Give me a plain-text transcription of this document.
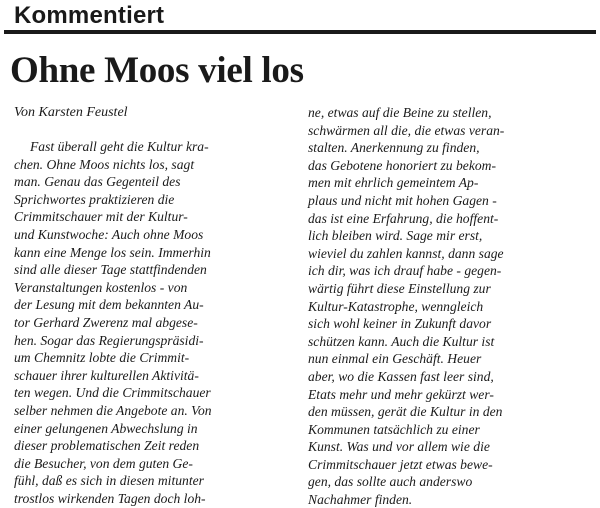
Kommentiert
Ohne Moos viel los
Von Karsten Feustel
Fast überall geht die Kultur kra-
chen. Ohne Moos nichts los, sagt
man. Genau das Gegenteil des
Sprichwortes praktizieren die
Crimmitschauer mit der Kultur-
und Kunstwoche: Auch ohne Moos
kann eine Menge los sein. Immerhin
sind alle dieser Tage stattfindenden
Veranstaltungen kostenlos - von
der Lesung mit dem bekannten Au-
tor Gerhard Zwerenz mal abgese-
hen. Sogar das Regierungspräsidi-
um Chemnitz lobte die Crimmit-
schauer ihrer kulturellen Aktivitä-
ten wegen. Und die Crimmitschauer
selber nehmen die Angebote an. Von
einer gelungenen Abwechslung in
dieser problematischen Zeit reden
die Besucher, von dem guten Ge-
fühl, daß es sich in diesen mitunter
trostlos wirkenden Tagen doch loh-
ne, etwas auf die Beine zu stellen,
schwärmen all die, die etwas veran-
stalten. Anerkennung zu finden,
das Gebotene honoriert zu bekom-
men mit ehrlich gemeintem Ap-
plaus und nicht mit hohen Gagen -
das ist eine Erfahrung, die hoffent-
lich bleiben wird. Sage mir erst,
wieviel du zahlen kannst, dann sage
ich dir, was ich drauf habe - gegen-
wärtig führt diese Einstellung zur
Kultur-Katastrophe, wenngleich
sich wohl keiner in Zukunft davor
schützen kann. Auch die Kultur ist
nun einmal ein Geschäft. Heuer
aber, wo die Kassen fast leer sind,
Etats mehr und mehr gekürzt wer-
den müssen, gerät die Kultur in den
Kommunen tatsächlich zu einer
Kunst. Was und vor allem wie die
Crimmitschauer jetzt etwas bewe-
gen, das sollte auch anderswo
Nachahmer finden.
